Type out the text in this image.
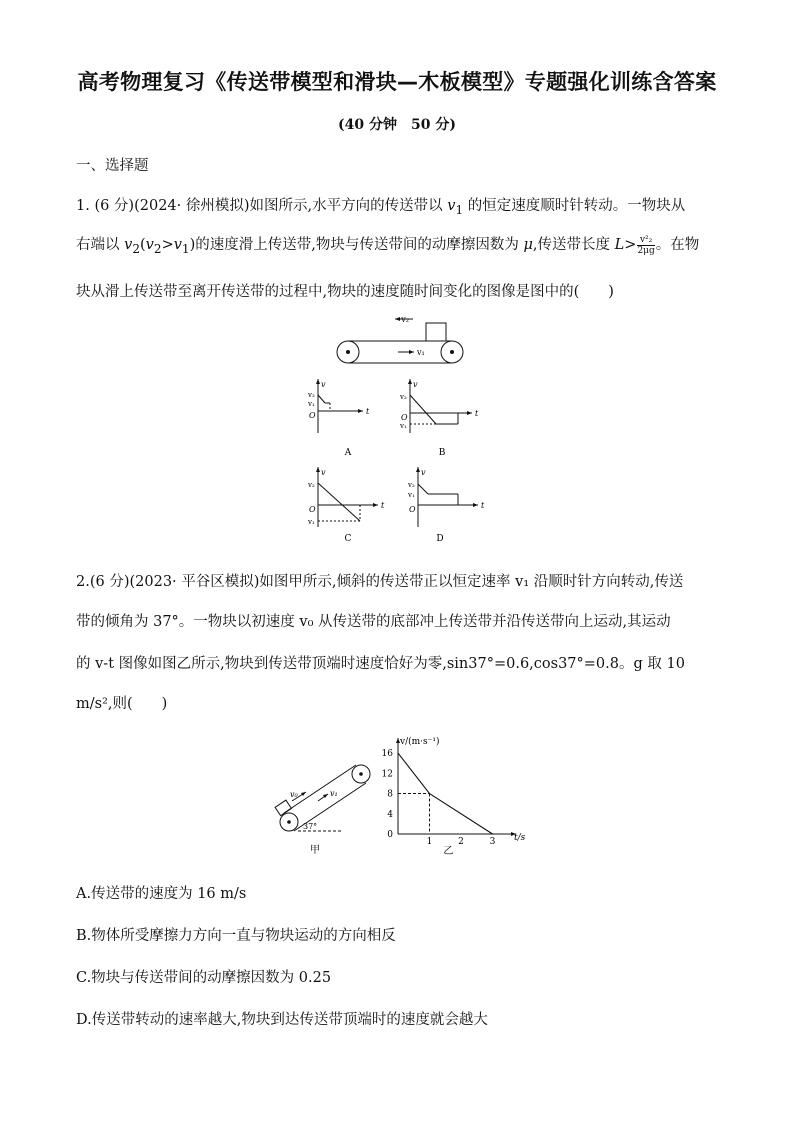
高考物理复习《传送带模型和滑块—木板模型》专题强化训练含答案
(40 分钟　50 分)
一、选择题
1. (6 分)(2024· 徐州模拟)如图所示,水平方向的传送带以 $v_1$ 的恒定速度顺时针转动。一物块从
右端以 $v_2(v_2>v_1)$的速度滑上传送带,物块与传送带间的动摩擦因数为 μ,传送带长度 $L> \frac{\text{v²₂}}{2\mu g}$ 。在物
块从滑上传送带至离开传送带的过程中,物块的速度随时间变化的图像是图中的(　　)
v₂
v₁
v
t
O
v₂
v₁
A
v
t
O
v₂
v₁
B
v
t
O
v₂
v₁
C
v
t
O
v₂
v₁
D
2.(6 分)(2023· 平谷区模拟)如图甲所示,倾斜的传送带正以恒定速率 v₁ 沿顺时针方向转动,传送
带的倾角为 37°。一物块以初速度 v₀ 从传送带的底部冲上传送带并沿传送带向上运动,其运动
的 v-t 图像如图乙所示,物块到传送带顶端时速度恰好为零,sin37°=0.6,cos37°=0.8。g 取 10
m/s²,则(　　)
v₀	v₁
37°
甲
v/(m·s⁻¹)
t/s
0
4
8
12
16
1	2	3
乙
A.传送带的速度为 16 m/s
B.物体所受摩擦力方向一直与物块运动的方向相反
C.物块与传送带间的动摩擦因数为 0.25
D.传送带转动的速率越大,物块到达传送带顶端时的速度就会越大
